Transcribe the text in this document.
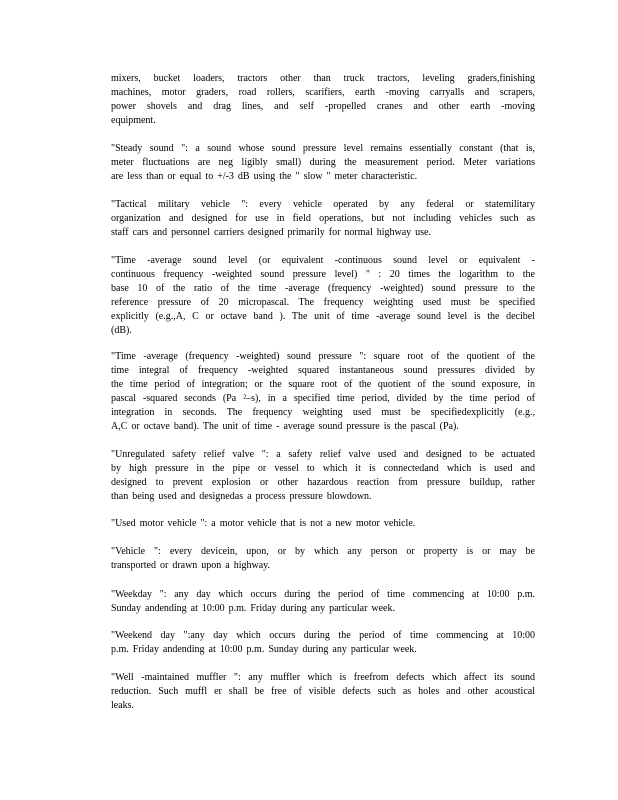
mixers, bucket loaders, tractors other than truck tractors, leveling graders,finishing
machines, motor graders, road rollers, scarifiers, earth -moving carryalls and scrapers,
power shovels and drag lines, and self -propelled cranes and other earth -moving
equipment.
"Steady sound ": a sound whose sound pressure level remains essentially constant (that is,
meter fluctuations are neg ligibly small) during the measurement period. Meter variations
are less than or equal to +/-3 dB using the " slow " meter characteristic.
"Tactical military vehicle ": every vehicle operated by any federal or statemilitary
organization and designed for use in field operations, but not including vehicles such as
staff cars and personnel carriers designed primarily for normal highway use.
"Time -average sound level (or equivalent -continuous sound level or equivalent -
continuous frequency -weighted sound pressure level) " : 20 times the logarithm to the
base 10 of the ratio of the time -average (frequency -weighted) sound pressure to the
reference pressure of 20 micropascal. The frequency weighting used must be specified
explicitly (e.g.,A, C or octave band ). The unit of time -average sound level is the decibel
(dB).
"Time -average (frequency -weighted) sound pressure ": square root of the quotient of the
time integral of frequency -weighted squared instantaneous sound pressures divided by
the time period of integration; or the square root of the quotient of the sound exposure, in
pascal -squared seconds (Pa ²–s), in a specified time period, divided by the time period of
integration in seconds. The frequency weighting used must be specifiedexplicitly (e.g.,
A,C or octave band). The unit of time - average sound pressure is the pascal (Pa).
"Unregulated safety relief valve ": a safety relief valve used and designed to be actuated
by high pressure in the pipe or vessel to which it is connectedand which is used and
designed to prevent explosion or other hazardous reaction from pressure buildup, rather
than being used and designedas a process pressure blowdown.
"Used motor vehicle ": a motor vehicle that is not a new motor vehicle.
"Vehicle ": every devicein, upon, or by which any person or property is or may be
transported or drawn upon a highway.
"Weekday ": any day which occurs during the period of time commencing at 10:00 p.m.
Sunday andending at 10:00 p.m. Friday during any particular week.
"Weekend day ":any day which occurs during the period of time commencing at 10:00
p.m. Friday andending at 10:00 p.m. Sunday during any particular week.
"Well -maintained muffler ": any muffler which is freefrom defects which affect its sound
reduction. Such muffl er shall be free of visible defects such as holes and other acoustical
leaks.
